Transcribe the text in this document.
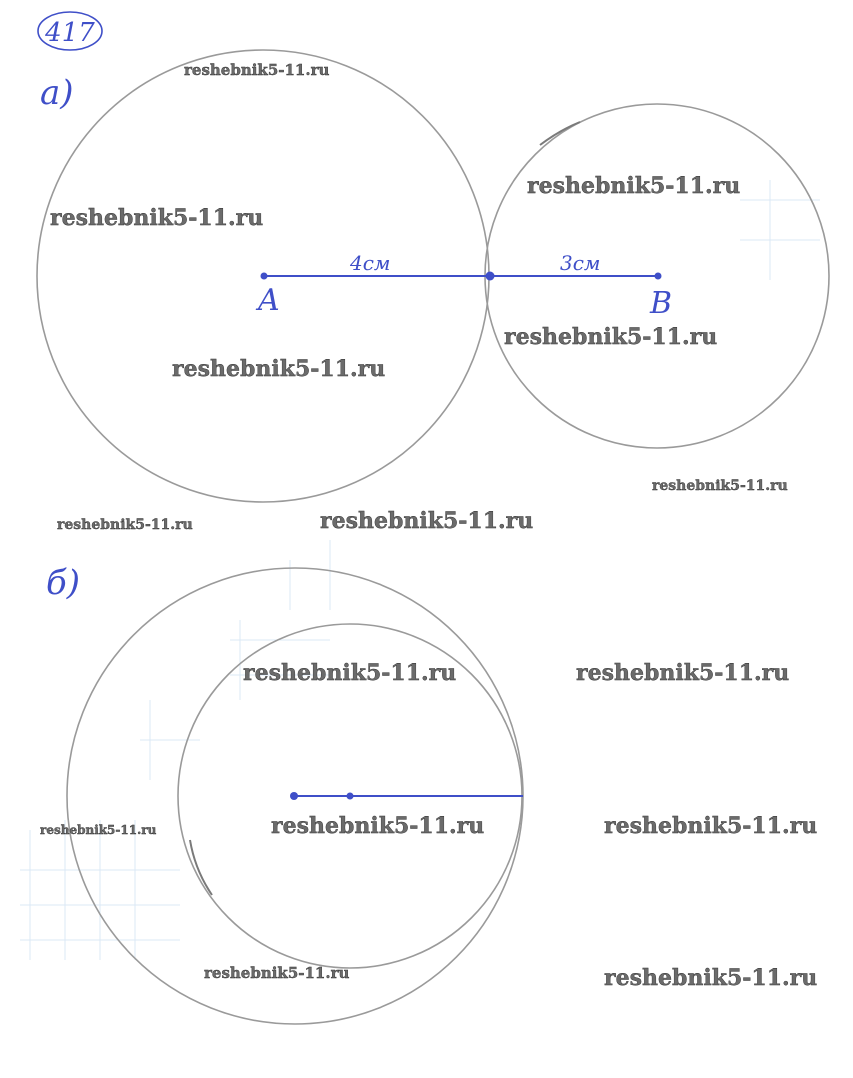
417
а)
A	B
4см	3см
б)
reshebnik5-11.ru
reshebnik5-11.ru
reshebnik5-11.ru
reshebnik5-11.ru
reshebnik5-11.ru
reshebnik5-11.ru
reshebnik5-11.ru	reshebnik5-11.ru
reshebnik5-11.ru	reshebnik5-11.ru
reshebnik5-11.ru	reshebnik5-11.ru	reshebnik5-11.ru
reshebnik5-11.ru	reshebnik5-11.ru
